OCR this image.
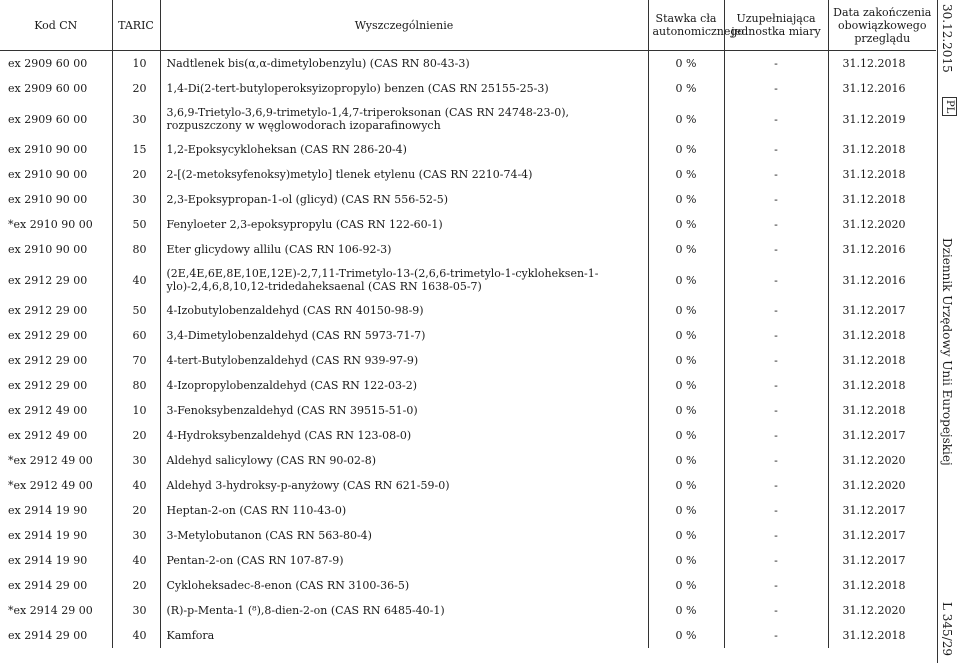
Kod CN	TARIC	Wyszczególnienie	Stawka cła autonomicznego	Uzupełniająca jednostka miary	Data zakończenia obowiązkowego przeglądu
ex 2909 60 00	10	Nadtlenek bis(α,α-dimetylobenzylu) (CAS RN 80-43-3)	0 %	-	31.12.2018
ex 2909 60 00	20	1,4-Di(2-tert-butyloperoksyizopropylo) benzen (CAS RN 25155-25-3)	0 %	-	31.12.2016
ex 2909 60 00	30	3,6,9-Trietylo-3,6,9-trimetylo-1,4,7-triperoksonan (CAS RN 24748-23-0), rozpuszczony w węglowodorach izoparafinowych	0 %	-	31.12.2019
ex 2910 90 00	15	1,2-Epoksycykloheksan (CAS RN 286-20-4)	0 %	-	31.12.2018
ex 2910 90 00	20	2-[(2-metoksyfenoksy)metylo] tlenek etylenu (CAS RN 2210-74-4)	0 %	-	31.12.2018
ex 2910 90 00	30	2,3-Epoksypropan-1-ol (glicyd) (CAS RN 556-52-5)	0 %	-	31.12.2018
*ex 2910 90 00	50	Fenyloeter 2,3-epoksypropylu (CAS RN 122-60-1)	0 %	-	31.12.2020
ex 2910 90 00	80	Eter glicydowy allilu (CAS RN 106-92-3)	0 %	-	31.12.2016
ex 2912 29 00	40	(2E,4E,6E,8E,10E,12E)-2,7,11-Trimetylo-13-(2,6,6-trimetylo-1-cykloheksen-1-ylo)-2,4,6,8,10,12-tridedaheksaenal (CAS RN 1638-05-7)	0 %	-	31.12.2016
ex 2912 29 00	50	4-Izobutylobenzaldehyd (CAS RN 40150-98-9)	0 %	-	31.12.2017
ex 2912 29 00	60	3,4-Dimetylobenzaldehyd (CAS RN 5973-71-7)	0 %	-	31.12.2018
ex 2912 29 00	70	4-tert-Butylobenzaldehyd (CAS RN 939-97-9)	0 %	-	31.12.2018
ex 2912 29 00	80	4-Izopropylobenzaldehyd (CAS RN 122-03-2)	0 %	-	31.12.2018
ex 2912 49 00	10	3-Fenoksybenzaldehyd (CAS RN 39515-51-0)	0 %	-	31.12.2018
ex 2912 49 00	20	4-Hydroksybenzaldehyd (CAS RN 123-08-0)	0 %	-	31.12.2017
*ex 2912 49 00	30	Aldehyd salicylowy (CAS RN 90-02-8)	0 %	-	31.12.2020
*ex 2912 49 00	40	Aldehyd 3-hydroksy-p-anyżowy (CAS RN 621-59-0)	0 %	-	31.12.2020
ex 2914 19 90	20	Heptan-2-on (CAS RN 110-43-0)	0 %	-	31.12.2017
ex 2914 19 90	30	3-Metylobutanon (CAS RN 563-80-4)	0 %	-	31.12.2017
ex 2914 19 90	40	Pentan-2-on (CAS RN 107-87-9)	0 %	-	31.12.2017
ex 2914 29 00	20	Cykloheksadec-8-enon (CAS RN 3100-36-5)	0 %	-	31.12.2018
*ex 2914 29 00	30	(R)-p-Menta-1 (⁸),8-dien-2-on (CAS RN 6485-40-1)	0 %	-	31.12.2020
ex 2914 29 00	40	Kamfora	0 %	-	31.12.2018
30.12.2015
PL
Dziennik Urzędowy Unii Europejskiej
L 345/29
